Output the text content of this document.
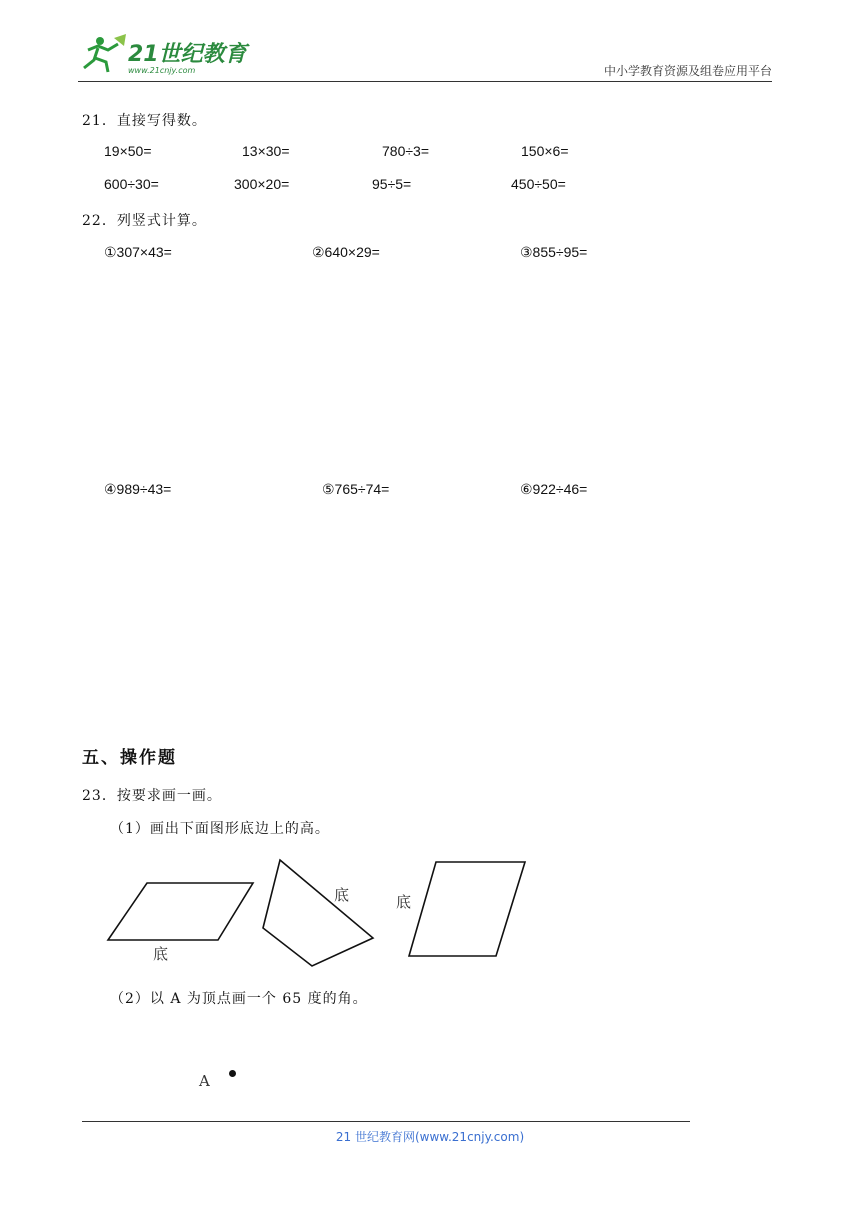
21世纪教育
www.21cnjy.com	中小学教育资源及组卷应用平台
21．直接写得数。
19×50=	13×30=	780÷3=	150×6=
600÷30=	300×20=	95÷5=	450÷50=
22．列竖式计算。
①307×43=	②640×29=	③855÷95=
④989÷43=	⑤765÷74=	⑥922÷46=
五、操作题
23．按要求画一画。
（1）画出下面图形底边上的高。
底
底	底
（2）以 A 为顶点画一个 65 度的角。
A
21 世纪教育网(www.21cnjy.com)
